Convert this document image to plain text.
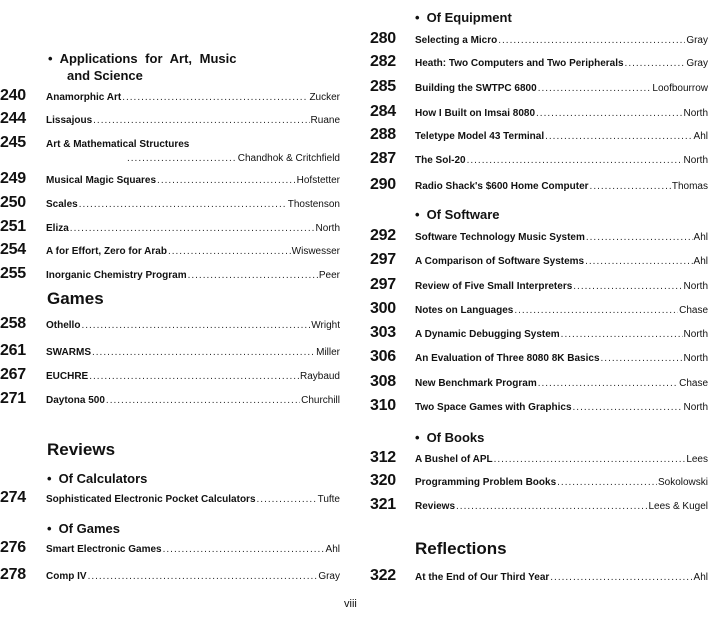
• Applications for Art, Music
and Science
240	Anamorphic Art .....	Zucker
244	Lissajous .....	Ruane
245	Art & Mathematical Structures
.....
Chandhok & Critchfield
249	Musical Magic Squares .....	Hofstetter
250	Scales .....	Thostenson
251	Eliza .....	North
254	A for Effort, Zero for Arab .....	Wiswesser
255	Inorganic Chemistry Program .....	Peer
Games
258	Othello .....	Wright
261	SWARMS .....	Miller
267	EUCHRE .....	Raybaud
271	Daytona 500 .....	Churchill
Reviews
• Of Calculators
274	Sophisticated Electronic Pocket Calculators .....	Tufte
• Of Games
276	Smart Electronic Games .....	Ahl
278	Comp IV .....	Gray
• Of Equipment
280	Selecting a Micro .....	Gray
282	Heath: Two Computers and Two Peripherals .....	Gray
285	Building the SWTPC 6800 .....	Loofbourrow
284	How I Built on Imsai 8080 .....	North
288	Teletype Model 43 Terminal .....	Ahl
287	The Sol-20 .....	North
290	Radio Shack's $600 Home Computer .....	Thomas
• Of Software
292	Software Technology Music System .....	Ahl
297	A Comparison of Software Systems .....	Ahl
297	Review of Five Small Interpreters .....	North
300	Notes on Languages .....	Chase
303	A Dynamic Debugging System .....	North
306	An Evaluation of Three 8080 8K Basics .....	North
308	New Benchmark Program .....	Chase
310	Two Space Games with Graphics .....	North
• Of Books
312	A Bushel of APL .....	Lees
320	Programming Problem Books .....	Sokolowski
321	Reviews .....	Lees & Kugel
Reflections
322	At the End of Our Third Year .....	Ahl
viii
